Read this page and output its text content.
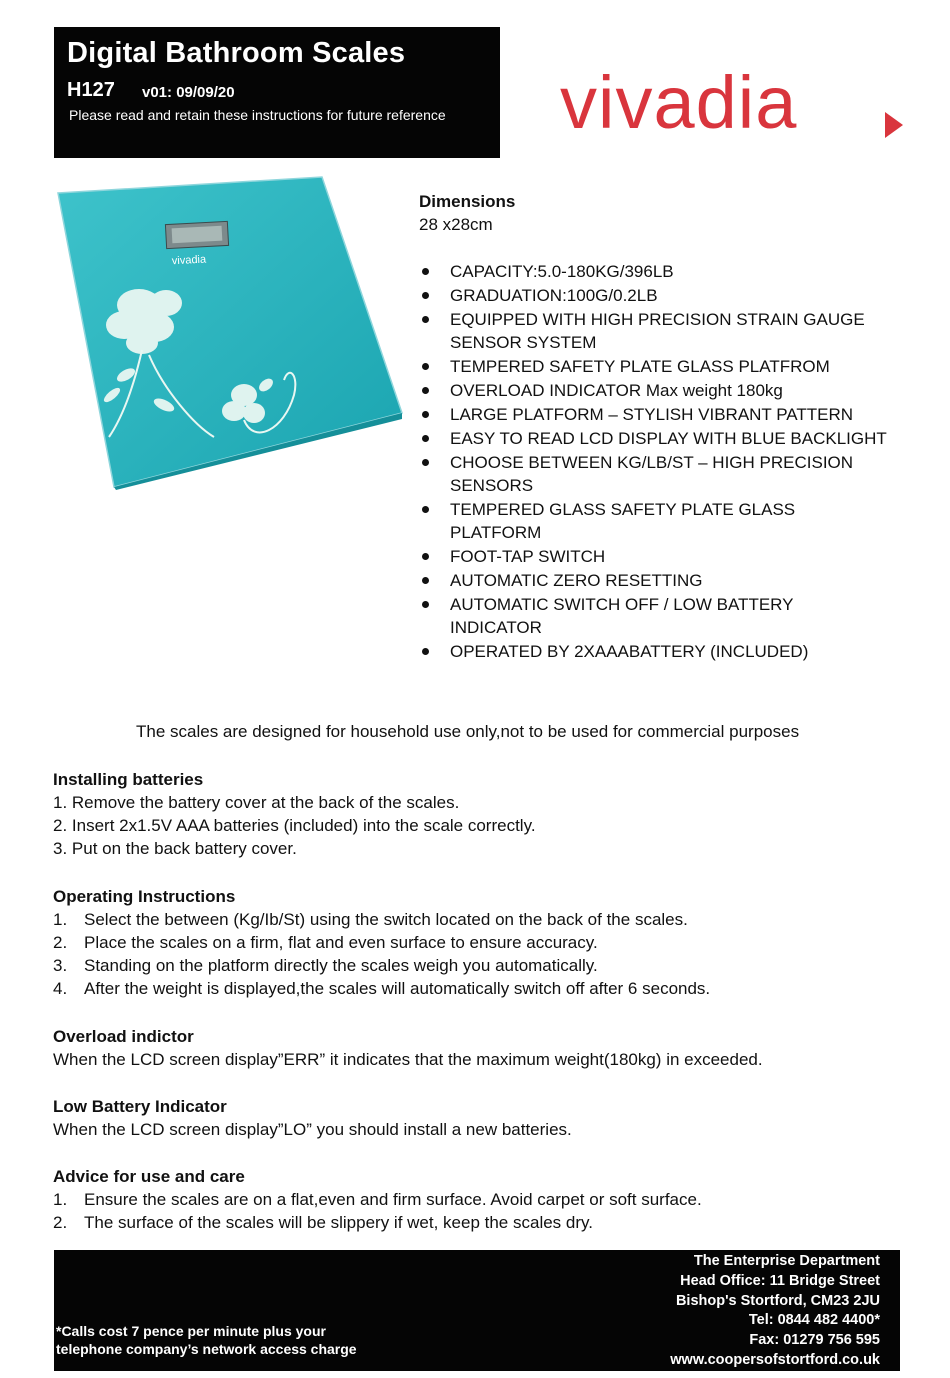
Digital Bathroom Scales
H127 v01: 09/09/20
Please read and retain these instructions for future reference vivadia
vivadia
Dimensions
28 x28cm
CAPACITY:5.0-180KG/396LB
GRADUATION:100G/0.2LB
EQUIPPED WITH HIGH PRECISION STRAIN GAUGE SENSOR SYSTEM
TEMPERED SAFETY PLATE GLASS PLATFROM
OVERLOAD INDICATOR Max weight 180kg
LARGE PLATFORM – STYLISH VIBRANT PATTERN
EASY TO READ LCD DISPLAY WITH BLUE BACKLIGHT
CHOOSE BETWEEN KG/LB/ST – HIGH PRECISION SENSORS
TEMPERED GLASS SAFETY PLATE GLASS PLATFORM
FOOT-TAP SWITCH
AUTOMATIC ZERO RESETTING
AUTOMATIC SWITCH OFF / LOW BATTERY INDICATOR
OPERATED BY 2XAAABATTERY (INCLUDED)
The scales are designed for household use only,not to be used for commercial purposes
Installing batteries
1. Remove the battery cover at the back of the scales.
2. Insert 2x1.5V AAA batteries (included) into the scale correctly.
3. Put on the back battery cover.
Operating Instructions
1. Select the between (Kg/Ib/St) using the switch located on the back of the scales.
2. Place the scales on a firm, flat and even surface to ensure accuracy.
3. Standing on the platform directly the scales weigh you automatically.
4. After the weight is displayed,the scales will automatically switch off after 6 seconds.
Overload indictor
When the LCD screen display”ERR” it indicates that the maximum weight(180kg) in exceeded.
Low Battery Indicator
When the LCD screen display”LO” you should install a new batteries.
Advice for use and care
1. Ensure the scales are on a flat,even and firm surface. Avoid carpet or soft surface.
2. The surface of the scales will be slippery if wet, keep the scales dry.
*Calls cost 7 pence per minute plus your
telephone company’s network access charge
The Enterprise Department
Head Office: 11 Bridge Street
Bishop's Stortford, CM23 2JU
Tel: 0844 482 4400*
Fax: 01279 756 595
www.coopersofstortford.co.uk
